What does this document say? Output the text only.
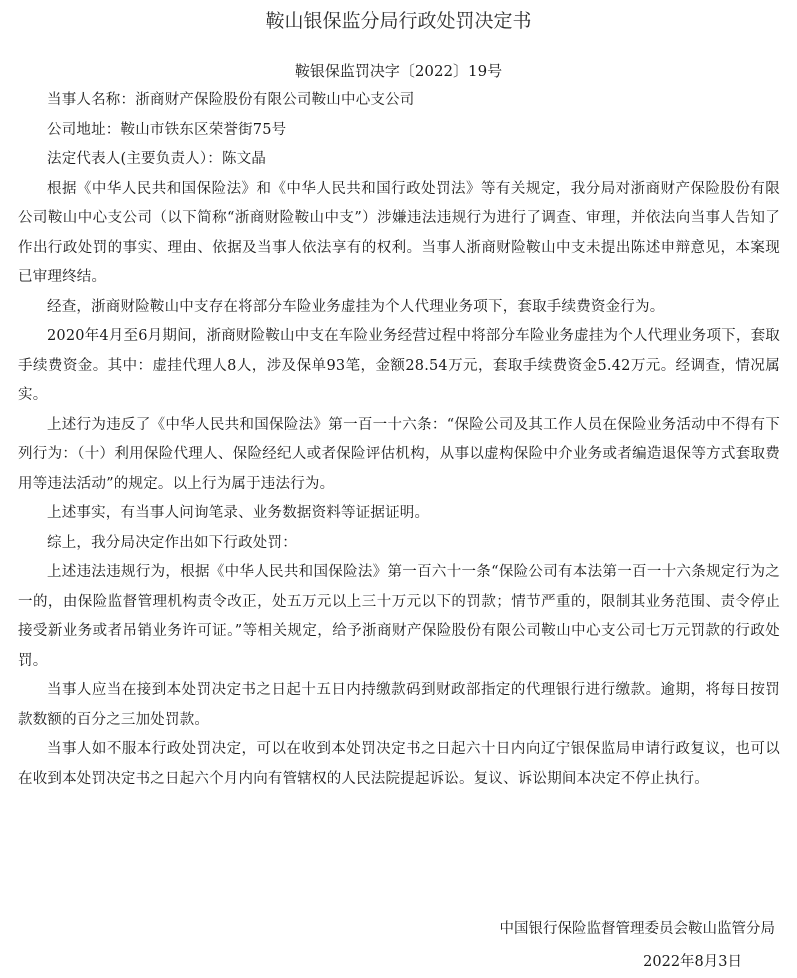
鞍山银保监分局行政处罚决定书
鞍银保监罚决字〔2022〕19号

当事人名称：浙商财产保险股份有限公司鞍山中心支公司

公司地址：鞍山市铁东区荣誉街75号

法定代表人(主要负责人）：陈文晶

根据《中华人民共和国保险法》和《中华人民共和国行政处罚法》等有关规定，我分局对浙商财产保险股份有限公司鞍山中心支公司（以下简称“浙商财险鞍山中支”）涉嫌违法违规行为进行了调查、审理，并依法向当事人告知了作出行政处罚的事实、理由、依据及当事人依法享有的权利。当事人浙商财险鞍山中支未提出陈述申辩意见，本案现已审理终结。

经查，浙商财险鞍山中支存在将部分车险业务虚挂为个人代理业务项下，套取手续费资金行为。

2020年4月至6月期间，浙商财险鞍山中支在车险业务经营过程中将部分车险业务虚挂为个人代理业务项下，套取手续费资金。其中：虚挂代理人8人，涉及保单93笔，金额28.54万元，套取手续费资金5.42万元。经调查，情况属实。

上述行为违反了《中华人民共和国保险法》第一百一十六条：“保险公司及其工作人员在保险业务活动中不得有下列行为：（十）利用保险代理人、保险经纪人或者保险评估机构，从事以虚构保险中介业务或者编造退保等方式套取费用等违法活动”的规定。以上行为属于违法行为。

上述事实，有当事人问询笔录、业务数据资料等证据证明。

综上，我分局决定作出如下行政处罚：

上述违法违规行为，根据《中华人民共和国保险法》第一百六十一条“保险公司有本法第一百一十六条规定行为之一的，由保险监督管理机构责令改正，处五万元以上三十万元以下的罚款；情节严重的，限制其业务范围、责令停止接受新业务或者吊销业务许可证。”等相关规定，给予浙商财产保险股份有限公司鞍山中心支公司七万元罚款的行政处罚。

当事人应当在接到本处罚决定书之日起十五日内持缴款码到财政部指定的代理银行进行缴款。逾期，将每日按罚款数额的百分之三加处罚款。

当事人如不服本行政处罚决定，可以在收到本处罚决定书之日起六十日内向辽宁银保监局申请行政复议，也可以在收到本处罚决定书之日起六个月内向有管辖权的人民法院提起诉讼。复议、诉讼期间本决定不停止执行。

中国银行保险监督管理委员会鞍山监管分局
2022年8月3日
